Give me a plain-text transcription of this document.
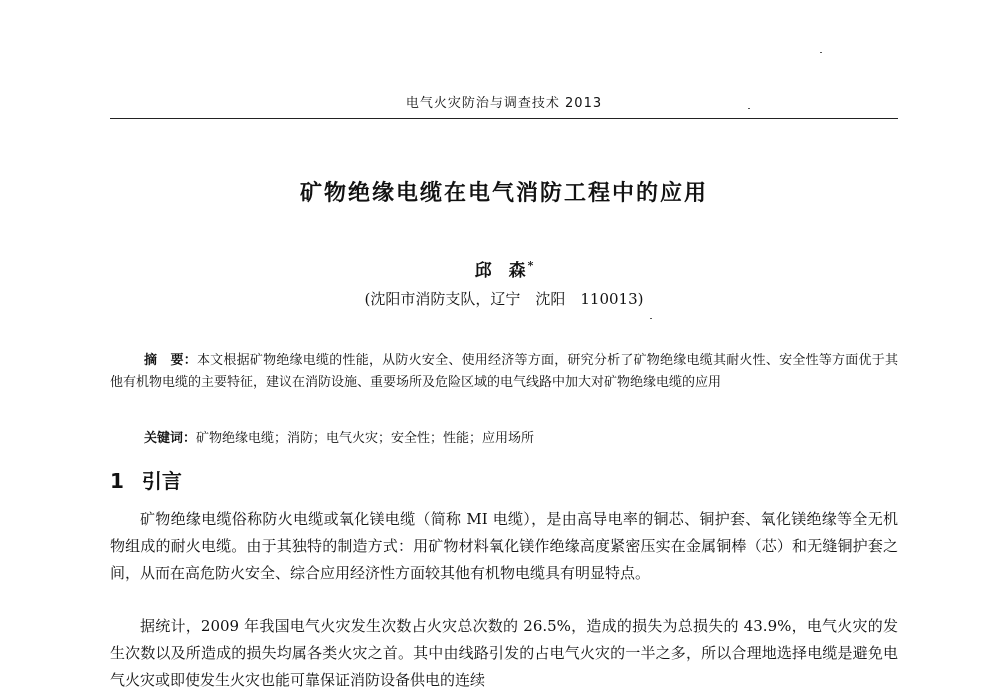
电气火灾防治与调查技术 2013
矿物绝缘电缆在电气消防工程中的应用
邱　森 *
(沈阳市消防支队，辽宁　沈阳　110013)
摘　要：本文根据矿物绝缘电缆的性能，从防火安全、使用经济等方面，研究分析了矿物绝缘电缆其耐火性、安全性等方面优于其他有机物电缆的主要特征，建议在消防设施、重要场所及危险区域的电气线路中加大对矿物绝缘电缆的应用
关键词：矿物绝缘电缆；消防；电气火灾；安全性；性能；应用场所
1 引言
矿物绝缘电缆俗称防火电缆或氧化镁电缆（简称 MI 电缆），是由高导电率的铜芯、铜护套、氧化镁绝缘等全无机物组成的耐火电缆。由于其独特的制造方式：用矿物材料氧化镁作绝缘高度紧密压实在金属铜棒（芯）和无缝铜护套之间，从而在高危防火安全、综合应用经济性方面较其他有机物电缆具有明显特点。
据统计，2009 年我国电气火灾发生次数占火灾总次数的 26.5%，造成的损失为总损失的 43.9%，电气火灾的发生次数以及所造成的损失均属各类火灾之首。其中由线路引发的占电气火灾的一半之多，所以合理地选择电缆是避免电气火灾或即使发生火灾也能可靠保证消防设备供电的连续
